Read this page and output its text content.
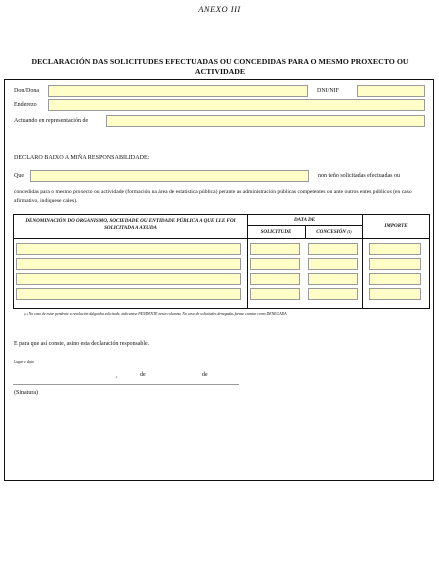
ANEXO III
DECLARACIÓN DAS SOLICITUDES EFECTUADAS OU CONCEDIDAS PARA O MESMO PROXECTO OU ACTIVIDADE
Don/Dona	DNI/NIF
Enderezo
Actuando en representación de
DECLARO BAIXO A MIÑA RESPONSABILIDADE:
Que	non teño solicitadas efectuadas ou
concedidas para o mesmo proxecto ou actividade (formación na área de estatística pública) perante as administración públicas competentes ou ante outros entes públicos (en caso afirmativo, indíquese cales).
DENOMINACIÓN DO ORGANISMO, SOCIEDADE OU ENTIDADE PÚBLICA A QUE LLE FOI SOLICITADA A AXUDA
DATA DE
SOLICITUDE	CONCESIÓN $^{(1)}$
IMPORTE
$^{(1)}$ No caso de estar pendente a resolución dalgunha solicitude, indicarase PENDENTE nesta columna. No caso de solicitudes denegadas farase constar como DENEGADA
E para que así conste, asino esta declaración responsable.
Lugar e data
,	de	de
(Sinatura)
